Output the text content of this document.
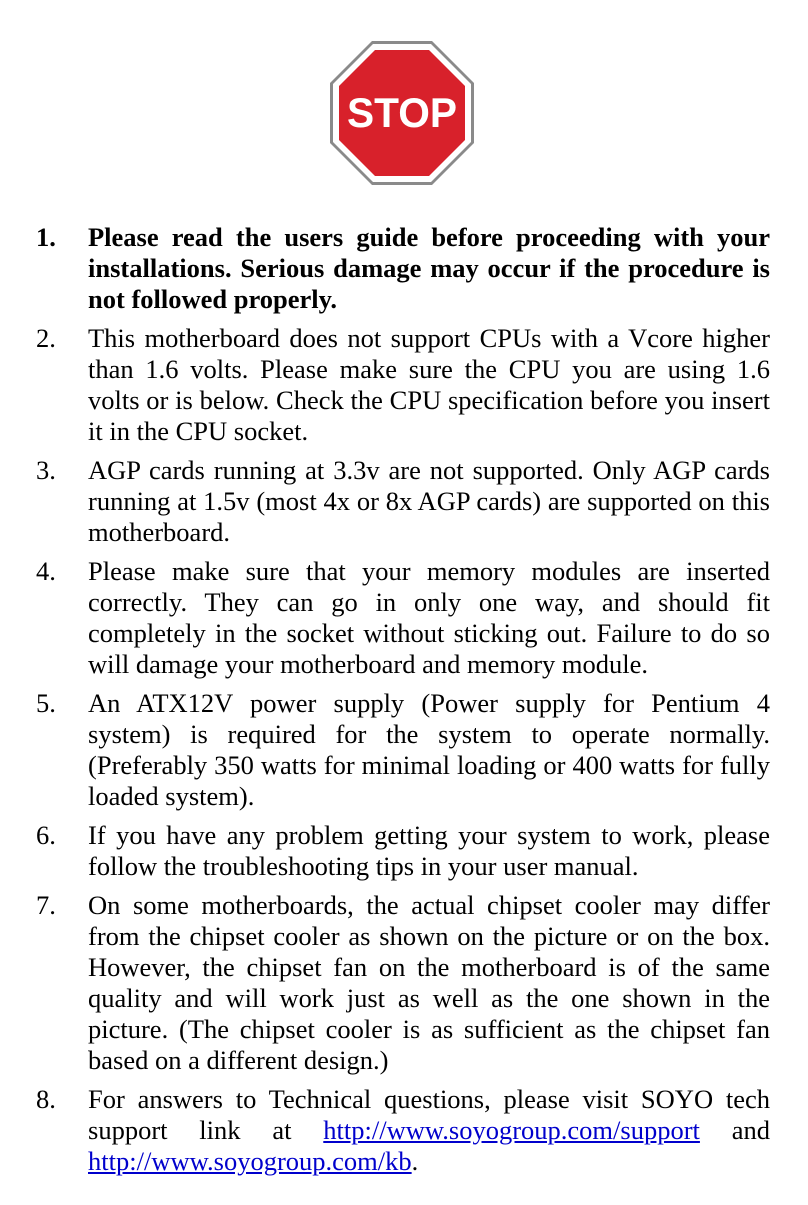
STOP
1. Please read the users guide before proceeding with your installations. Serious damage may occur if the procedure is not followed properly.
2. This motherboard does not support CPUs with a Vcore higher than 1.6 volts. Please make sure the CPU you are using 1.6 volts or is below. Check the CPU specification before you insert it in the CPU socket.
3. AGP cards running at 3.3v are not supported. Only AGP cards running at 1.5v (most 4x or 8x AGP cards) are supported on this motherboard.
4. Please make sure that your memory modules are inserted correctly. They can go in only one way, and should fit completely in the socket without sticking out. Failure to do so will damage your motherboard and memory module.
5. An ATX12V power supply (Power supply for Pentium 4 system) is required for the system to operate normally. (Preferably 350 watts for minimal loading or 400 watts for fully loaded system).
6. If you have any problem getting your system to work, please follow the troubleshooting tips in your user manual.
7. On some motherboards, the actual chipset cooler may differ from the chipset cooler as shown on the picture or on the box. However, the chipset fan on the motherboard is of the same quality and will work just as well as the one shown in the picture. (The chipset cooler is as sufficient as the chipset fan based on a different design.)
8. For answers to Technical questions, please visit SOYO tech support link at http://www.soyogroup.com/support and http://www.soyogroup.com/kb.
